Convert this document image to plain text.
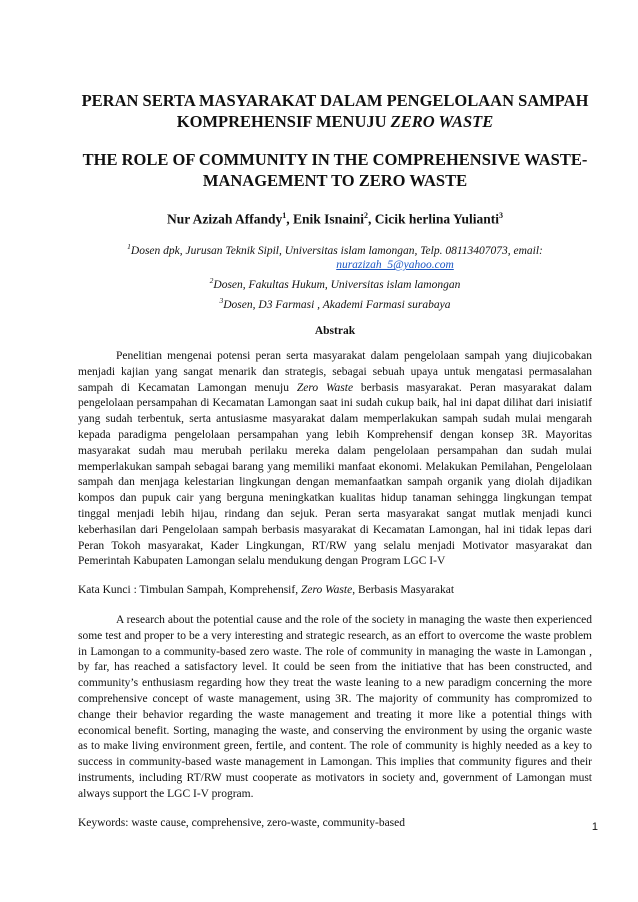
PERAN SERTA MASYARAKAT DALAM PENGELOLAAN SAMPAH KOMPREHENSIF MENUJU ZERO WASTE
THE ROLE OF COMMUNITY IN THE COMPREHENSIVE WASTE-MANAGEMENT TO ZERO WASTE
Nur Azizah Affandy$^1$, Enik Isnaini$^2$, Cicik herlina Yulianti$^3$
$^1$Dosen dpk, Jurusan Teknik Sipil, Universitas islam lamongan, Telp. 08113407073, email:
nurazizah_5@yahoo.com
$^2$Dosen, Fakultas Hukum, Universitas islam lamongan
$^3$Dosen, D3 Farmasi , Akademi Farmasi surabaya
Abstrak

Penelitian mengenai potensi peran serta masyarakat dalam pengelolaan sampah yang diujicobakan menjadi kajian yang sangat menarik dan strategis, sebagai sebuah upaya untuk mengatasi permasalahan sampah di Kecamatan Lamongan menuju Zero Waste berbasis masyarakat. Peran masyarakat dalam pengelolaan persampahan di Kecamatan Lamongan saat ini sudah cukup baik, hal ini dapat dilihat dari inisiatif yang sudah terbentuk, serta antusiasme masyarakat dalam memperlakukan sampah sudah mulai mengarah kepada paradigma pengelolaan persampahan yang lebih Komprehensif dengan konsep 3R. Mayoritas masyarakat sudah mau merubah perilaku mereka dalam pengelolaan persampahan dan sudah mulai memperlakukan sampah sebagai barang yang memiliki manfaat ekonomi. Melakukan Pemilahan, Pengelolaan sampah dan menjaga kelestarian lingkungan dengan memanfaatkan sampah organik yang diolah dijadikan kompos dan pupuk cair yang berguna meningkatkan kualitas hidup tanaman sehingga lingkungan tempat tinggal menjadi lebih hijau, rindang dan sejuk. Peran serta masyarakat sangat mutlak menjadi kunci keberhasilan dari Pengelolaan sampah berbasis masyarakat di Kecamatan Lamongan, hal ini tidak lepas dari Peran Tokoh masyarakat, Kader Lingkungan, RT/RW yang selalu menjadi Motivator masyarakat dan Pemerintah Kabupaten Lamongan selalu mendukung dengan Program LGC I-V

Kata Kunci : Timbulan Sampah, Komprehensif, Zero Waste, Berbasis Masyarakat

A research about the potential cause and the role of the society in managing the waste then experienced some test and proper to be a very interesting and strategic research, as an effort to overcome the waste problem in Lamongan to a community-based zero waste. The role of community in managing the waste in Lamongan , by far, has reached a satisfactory level. It could be seen from the initiative that has been constructed, and community’s enthusiasm regarding how they treat the waste leaning to a new paradigm concerning the more comprehensive concept of waste management, using 3R. The majority of community has compromized to change their behavior regarding the waste management and treating it more like a potential things with economical benefit. Sorting, managing the waste, and conserving the environment by using the organic waste as to make living environment green, fertile, and content. The role of community is highly needed as a key to success in community-based waste management in Lamongan. This implies that community figures and their instruments, including RT/RW must cooperate as motivators in society and, government of Lamongan must always support the LGC I-V program.

Keywords: waste cause, comprehensive, zero-waste, community-based	1
